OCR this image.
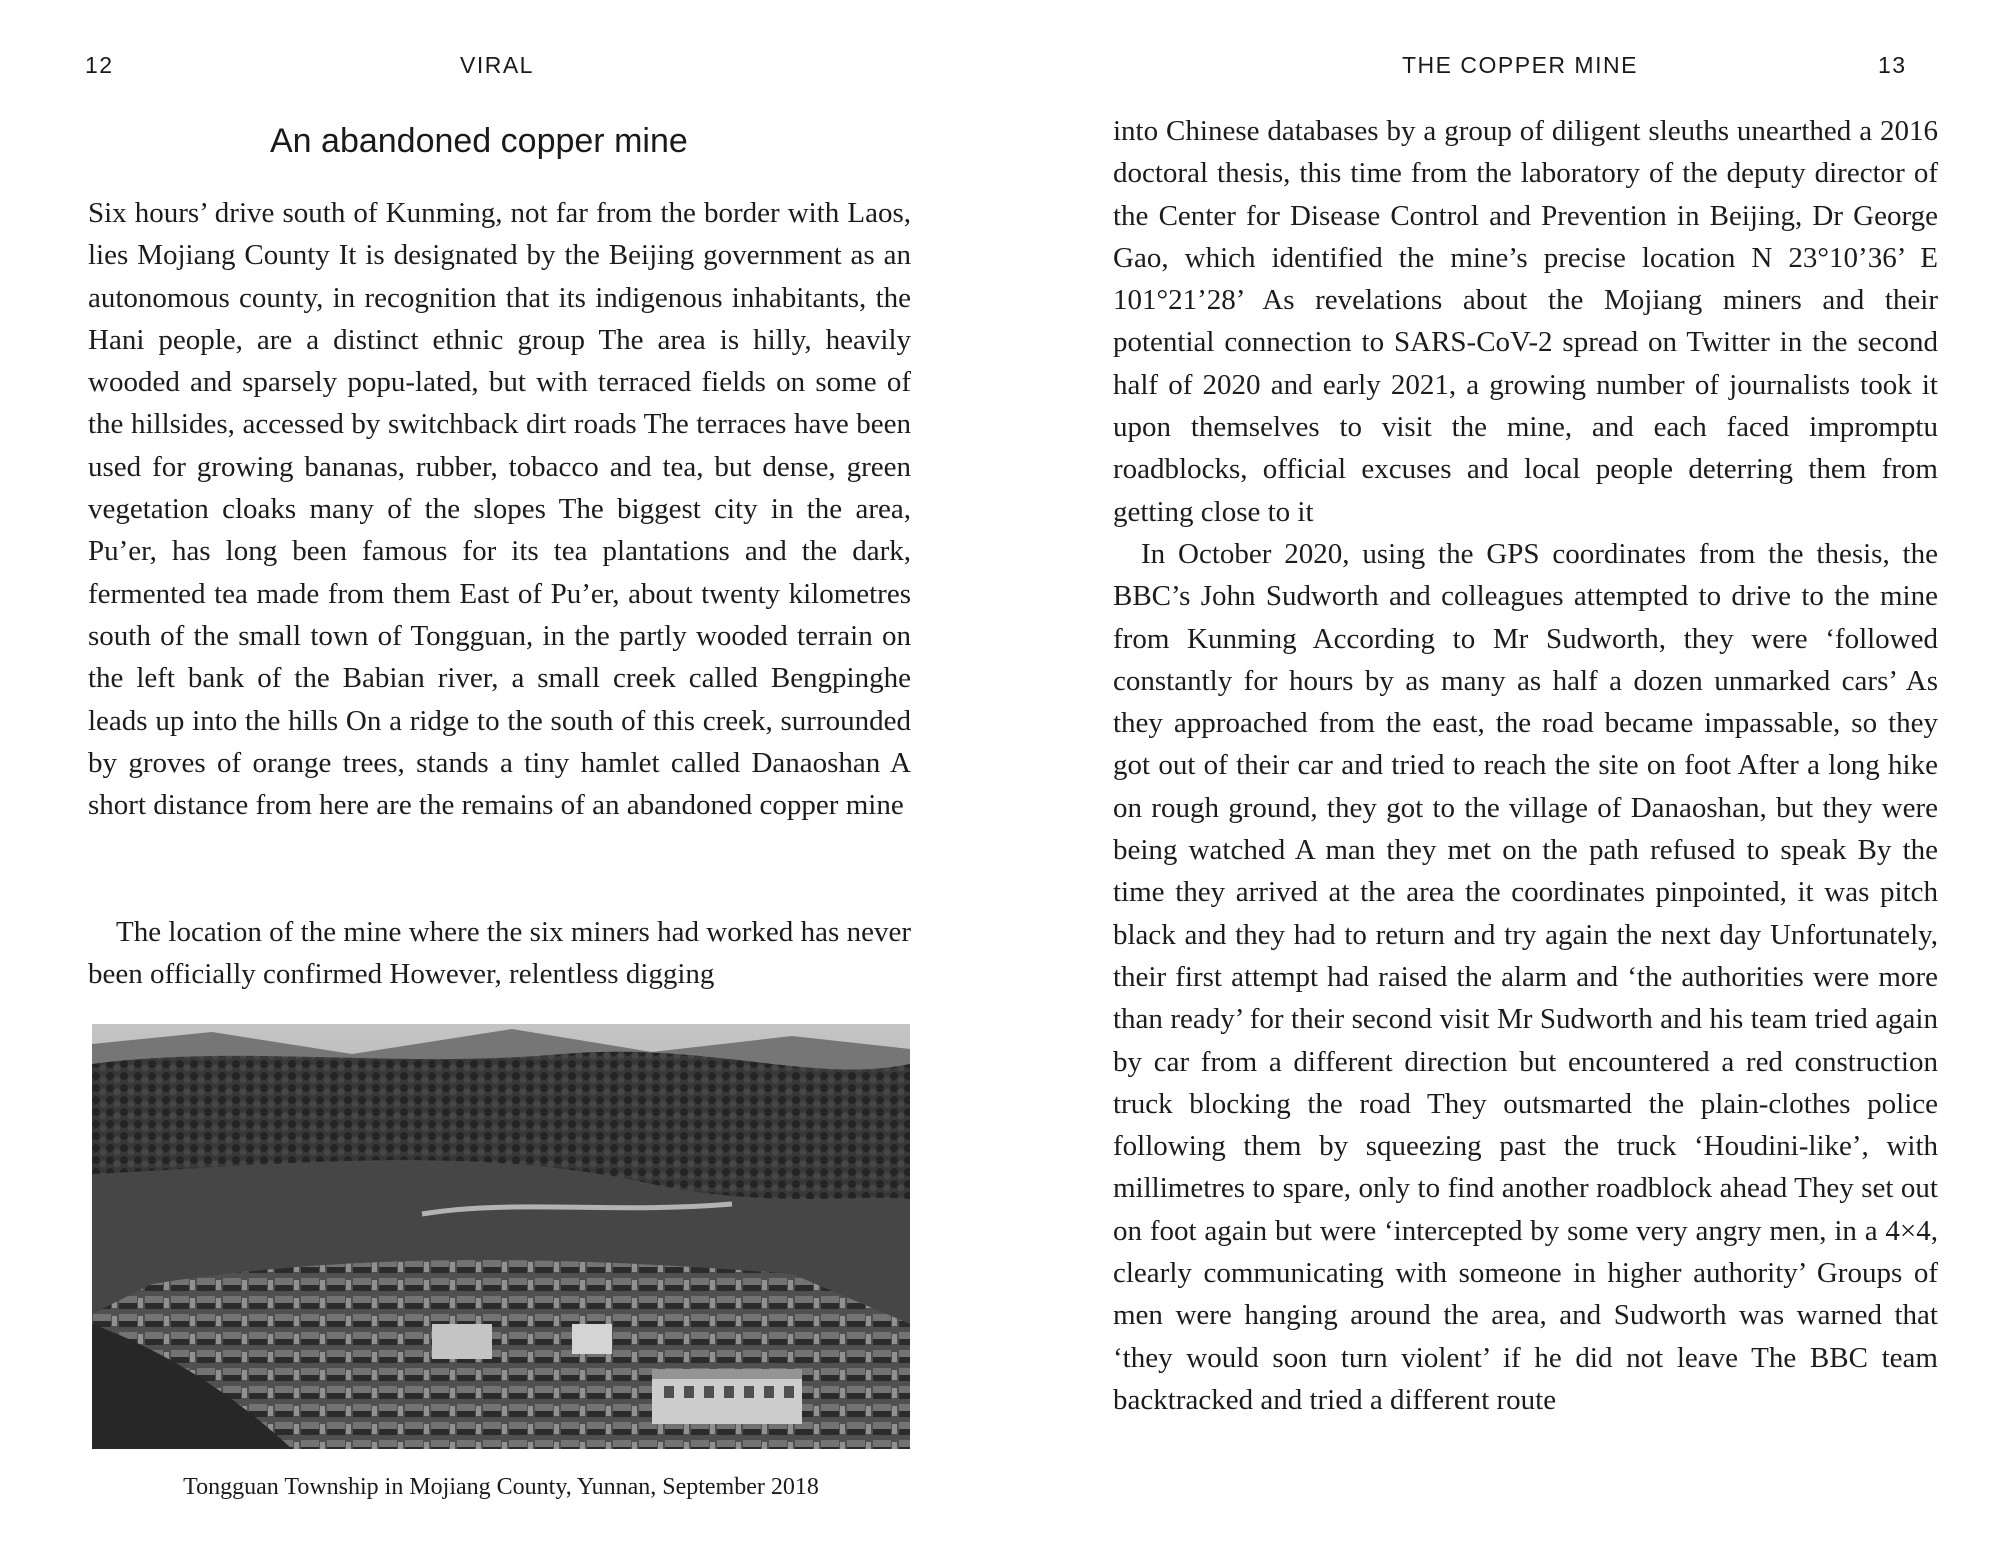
12	VIRAL
An abandoned copper mine

Six hours’ drive south of Kunming, not far from the border with Laos, lies Mojiang County It is designated by the Beijing government as an autonomous county, in recognition that its indigenous inhabitants, the Hani people, are a distinct ethnic group The area is hilly, heavily wooded and sparsely popu-lated, but with terraced fields on some of the hillsides, accessed by switchback dirt roads The terraces have been used for growing bananas, rubber, tobacco and tea, but dense, green vegetation cloaks many of the slopes The biggest city in the area, Pu’er, has long been famous for its tea plantations and the dark, fermented tea made from them East of Pu’er, about twenty kilometres south of the small town of Tongguan, in the partly wooded terrain on the left bank of the Babian river, a small creek called Bengpinghe leads up into the hills On a ridge to the south of this creek, surrounded by groves of orange trees, stands a tiny hamlet called Danaoshan A short distance from here are the remains of an abandoned copper mine

The location of the mine where the six miners had worked has never been officially confirmed However, relentless digging

Tongguan Township in Mojiang County, Yunnan, September 2018
THE COPPER MINE	13

into Chinese databases by a group of diligent sleuths unearthed a 2016 doctoral thesis, this time from the laboratory of the deputy director of the Center for Disease Control and Prevention in Beijing, Dr George Gao, which identified the mine’s precise location N 23°10’36’ E 101°21’28’ As revelations about the Mojiang miners and their potential connection to SARS-CoV-2 spread on Twitter in the second half of 2020 and early 2021, a growing number of journalists took it upon themselves to visit the mine, and each faced impromptu roadblocks, official excuses and local people deterring them from getting close to it

In October 2020, using the GPS coordinates from the thesis, the BBC’s John Sudworth and colleagues attempted to drive to the mine from Kunming According to Mr Sudworth, they were ‘followed constantly for hours by as many as half a dozen unmarked cars’ As they approached from the east, the road became impassable, so they got out of their car and tried to reach the site on foot After a long hike on rough ground, they got to the village of Danaoshan, but they were being watched A man they met on the path refused to speak By the time they arrived at the area the coordinates pinpointed, it was pitch black and they had to return and try again the next day Unfortunately, their first attempt had raised the alarm and ‘the authorities were more than ready’ for their second visit Mr Sudworth and his team tried again by car from a different direction but encountered a red construction truck blocking the road They outsmarted the plain-clothes police following them by squeezing past the truck ‘Houdini-like’, with millimetres to spare, only to find another roadblock ahead They set out on foot again but were ‘intercepted by some very angry men, in a 4×4, clearly communicating with someone in higher authority’ Groups of men were hanging around the area, and Sudworth was warned that ‘they would soon turn violent’ if he did not leave The BBC team backtracked and tried a different route
